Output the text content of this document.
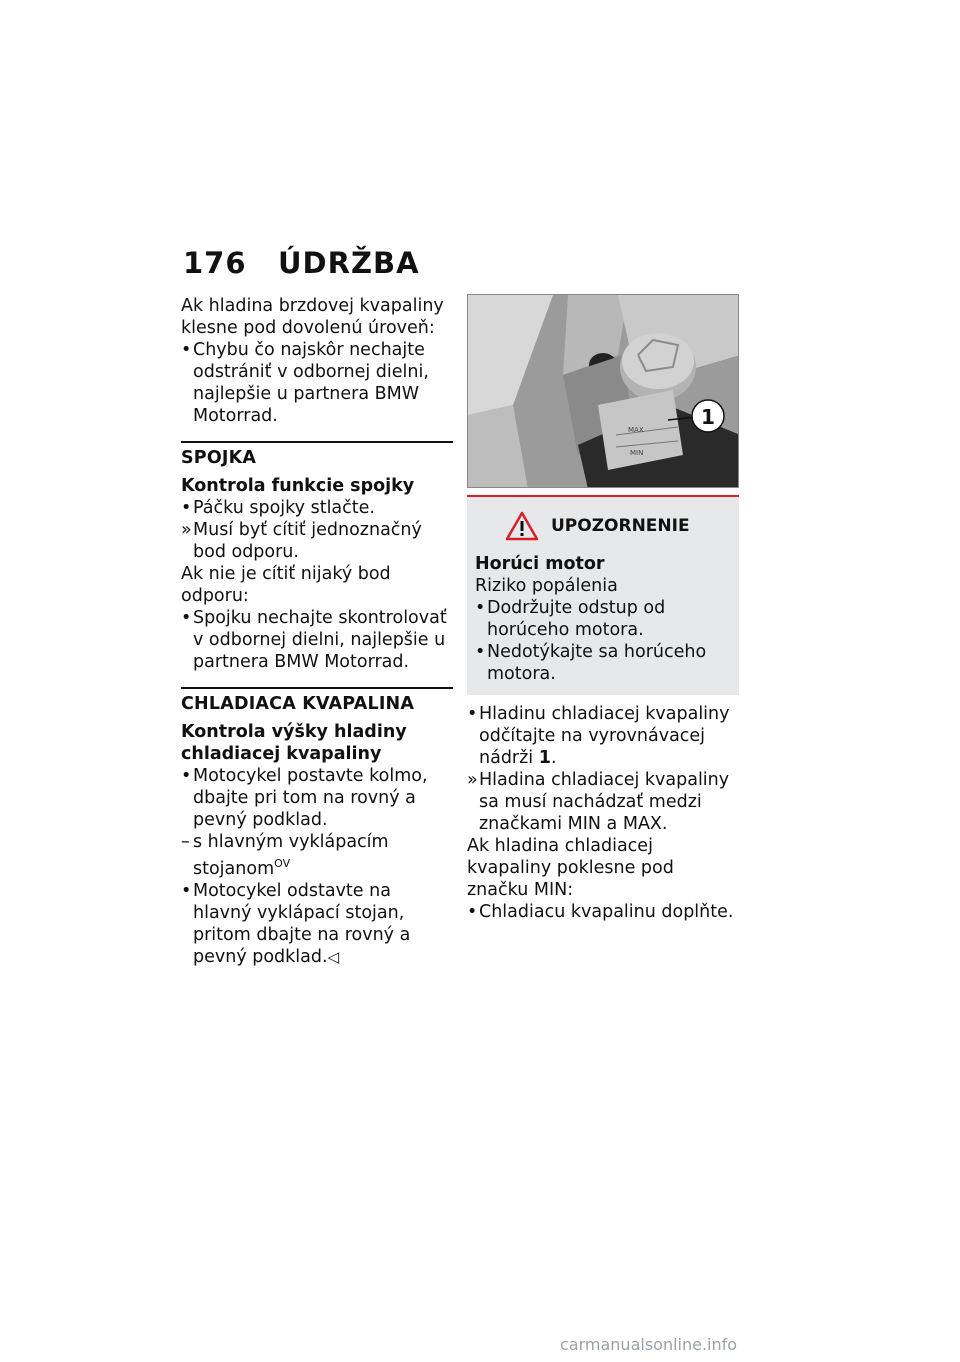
176 ÚDRŽBA

Ak hladina brzdovej kvapaliny klesne pod dovolenú úroveň:

• Chybu čo najskôr nechajte odstrániť v odbornej dielni, najlepšie u partnera BMW Motorrad.

SPOJKA

Kontrola funkcie spojky

• Páčku spojky stlačte.

» Musí byť cítiť jednoznačný bod odporu.

Ak nie je cítiť nijaký bod odporu:

• Spojku nechajte skontrolovať v odbornej dielni, najlepšie u partnera BMW Motorrad.

CHLADIACA KVAPALINA

Kontrola výšky hladiny chladiacej kvapaliny

• Motocykel postavte kolmo, dbajte pri tom na rovný a pevný podklad.

– s hlavným vyklápacím stojanom$^{OV}$

• Motocykel odstavte na hlavný vyklápací stojan, pritom dbajte na rovný a pevný podklad.◁

MAX
MIN
1
UPOZORNENIE

Horúci motor

Riziko popálenia

• Dodržujte odstup od horúceho motora.

• Nedotýkajte sa horúceho motora.

• Hladinu chladiacej kvapaliny odčítajte na vyrovnávacej nádrži 1.

» Hladina chladiacej kvapaliny sa musí nachádzať medzi značkami MIN a MAX.

Ak hladina chladiacej kvapaliny poklesne pod značku MIN:

• Chladiacu kvapalinu doplňte.

carmanualsonline.info
